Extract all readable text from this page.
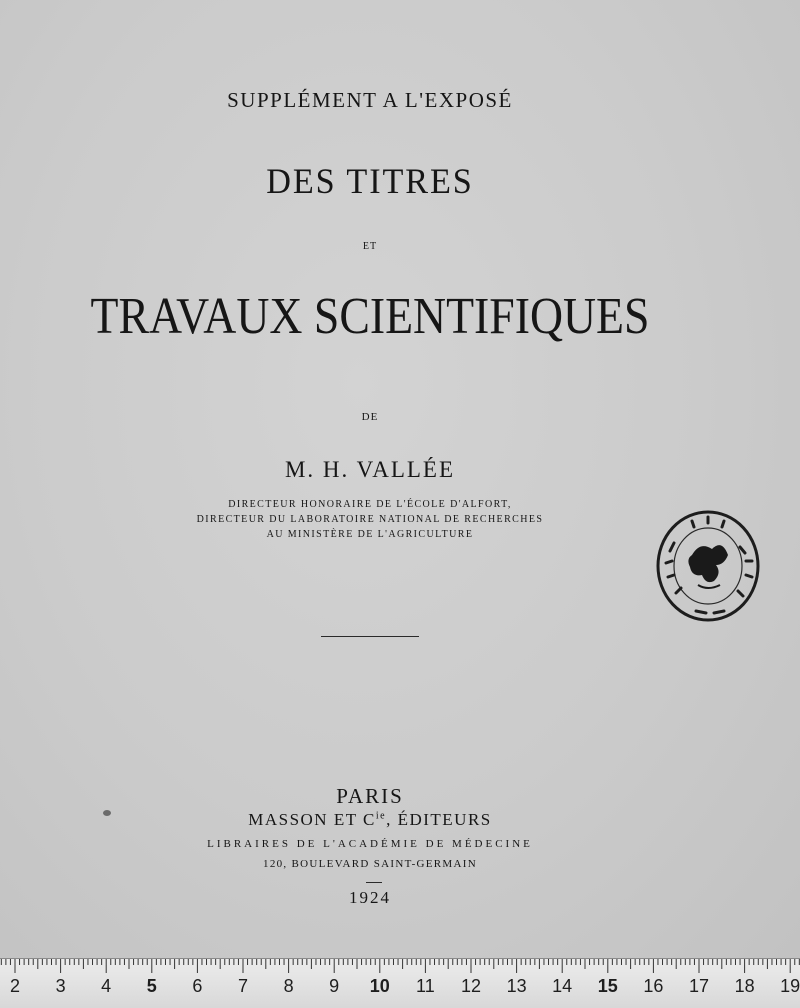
SUPPLÉMENT A L'EXPOSÉ
DES TITRES
ET
TRAVAUX SCIENTIFIQUES
DE
M. H. VALLÉE
DIRECTEUR HONORAIRE DE L'ÉCOLE D'ALFORT,
DIRECTEUR DU LABORATOIRE NATIONAL DE RECHERCHES
AU MINISTÈRE DE L'AGRICULTURE
PARIS
MASSON ET $C^{ie}$, ÉDITEURS
LIBRAIRES DE L'ACADÉMIE DE MÉDECINE
120, BOULEVARD SAINT-GERMAIN
1924
2 3 4 5 6 7 8 9 10 11 12 13 14 15 16 17 18 19
